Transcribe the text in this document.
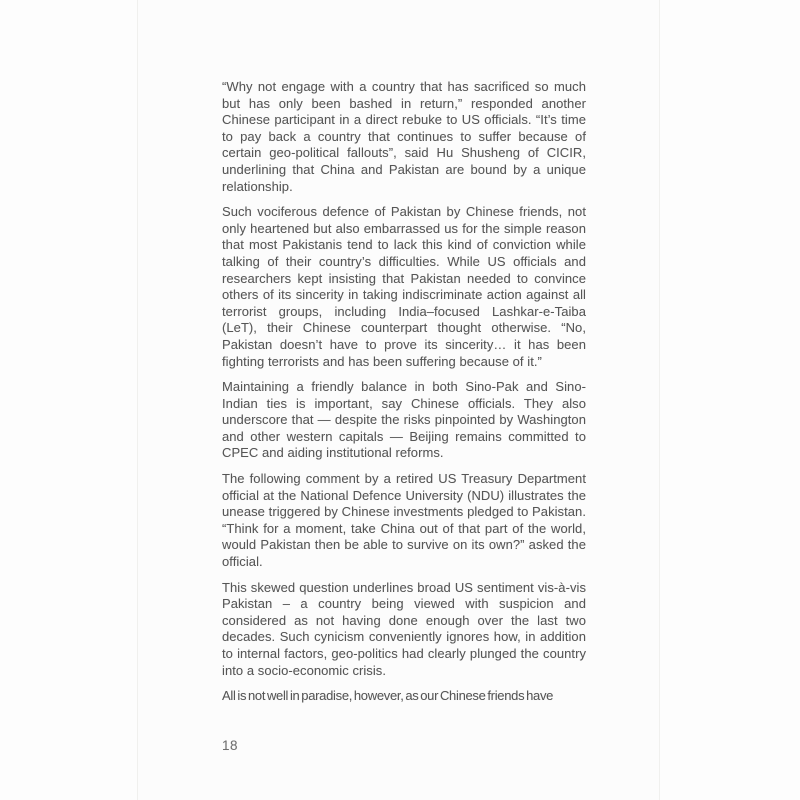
“Why not engage with a country that has sacrificed so much but has only been bashed in return,” responded another Chinese participant in a direct rebuke to US officials. “It’s time to pay back a country that continues to suffer because of certain geo-political fallouts”, said Hu Shusheng of CICIR, underlining that China and Pakistan are bound by a unique relationship.

Such vociferous defence of Pakistan by Chinese friends, not only heartened but also embarrassed us for the simple reason that most Pakistanis tend to lack this kind of conviction while talking of their country’s difficulties. While US officials and researchers kept insisting that Pakistan needed to convince others of its sincerity in taking indiscriminate action against all terrorist groups, including India–focused Lashkar-e-Taiba (LeT), their Chinese counterpart thought otherwise. “No, Pakistan doesn’t have to prove its sincerity… it has been fighting terrorists and has been suffering because of it.”

Maintaining a friendly balance in both Sino-Pak and Sino-Indian ties is important, say Chinese officials. They also underscore that — despite the risks pinpointed by Washington and other western capitals — Beijing remains committed to CPEC and aiding institutional reforms.

The following comment by a retired US Treasury Department official at the National Defence University (NDU) illustrates the unease triggered by Chinese investments pledged to Pakistan. “Think for a moment, take China out of that part of the world, would Pakistan then be able to survive on its own?” asked the official.

This skewed question underlines broad US sentiment vis-à-vis Pakistan – a country being viewed with suspicion and considered as not having done enough over the last two decades. Such cynicism conveniently ignores how, in addition to internal factors, geo-politics had clearly plunged the country into a socio-economic crisis.

All is not well in paradise, however, as our Chinese friends have

18
